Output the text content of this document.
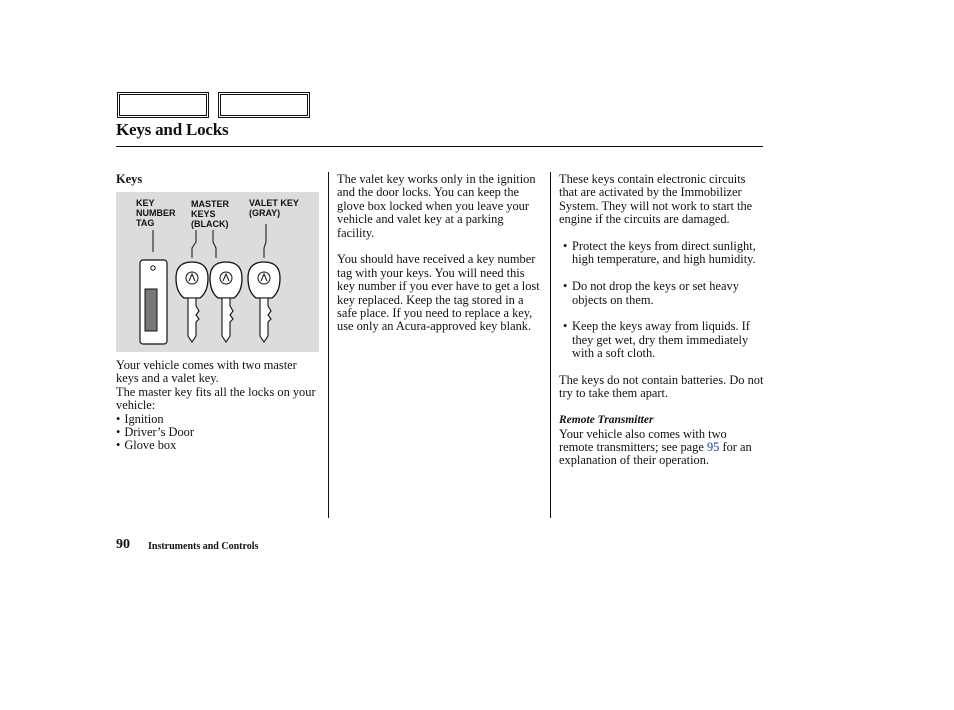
Keys and Locks

Keys

KEY
NUMBER
TAG
MASTER
KEYS
(BLACK)
VALET KEY
(GRAY)

Your vehicle comes with two master keys and a valet key.

The master key fits all the locks on your vehicle:

• Ignition

• Driver’s Door

• Glove box

The valet key works only in the ignition and the door locks. You can keep the glove box locked when you leave your vehicle and valet key at a parking facility.

You should have received a key number tag with your keys. You will need this key number if you ever have to get a lost key replaced. Keep the tag stored in a safe place. If you need to replace a key, use only an Acura-approved key blank.

These keys contain electronic circuits that are activated by the Immobilizer System. They will not work to start the engine if the circuits are damaged.

• Protect the keys from direct sunlight, high temperature, and high humidity.

• Do not drop the keys or set heavy objects on them.

• Keep the keys away from liquids. If they get wet, dry them immediately with a soft cloth.

The keys do not contain batteries. Do not try to take them apart.

Remote Transmitter

Your vehicle also comes with two remote transmitters; see page 95 for an explanation of their operation.

90 Instruments and Controls
